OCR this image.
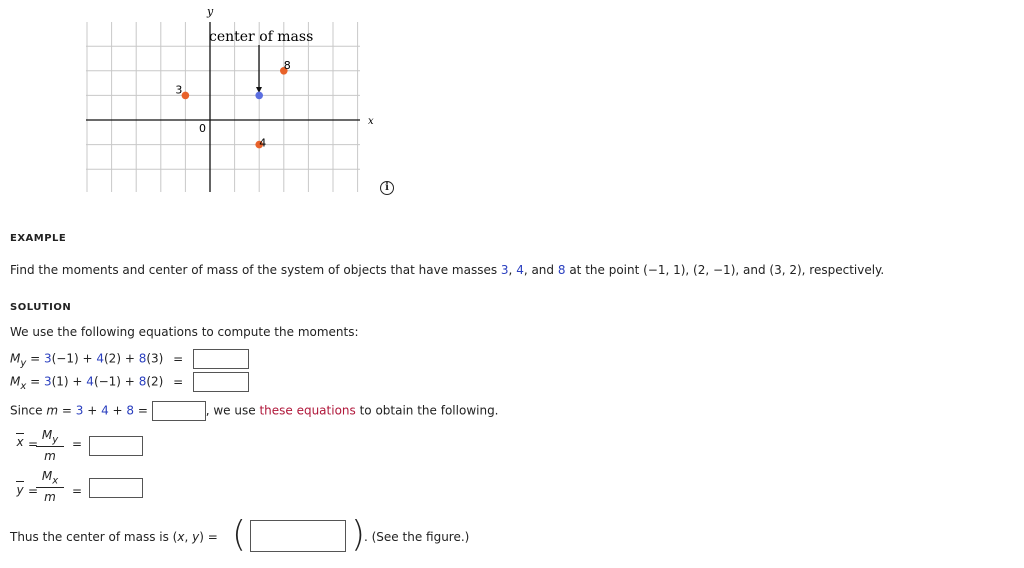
y
x
0
center of mass
3
4
8
i
EXAMPLE
Find the moments and center of mass of the system of objects that have masses 3, 4, and 8 at the point (−1, 1), (2, −1), and (3, 2), respectively.
SOLUTION
We use the following equations to compute the moments:
$M_y = 3(-1) + 4(2) + 8(3)$ =
$M_x = 3(1) + 4(-1) + 8(2)$ =
Since m = 3 + 4 + 8 =	, we use these equations to obtain the following.
x =
$\frac{M_y}{m}$ =
y =
$\frac{M_x}{m}$ =
Thus the center of mass is (x, y) = (	)
. (See the figure.)
